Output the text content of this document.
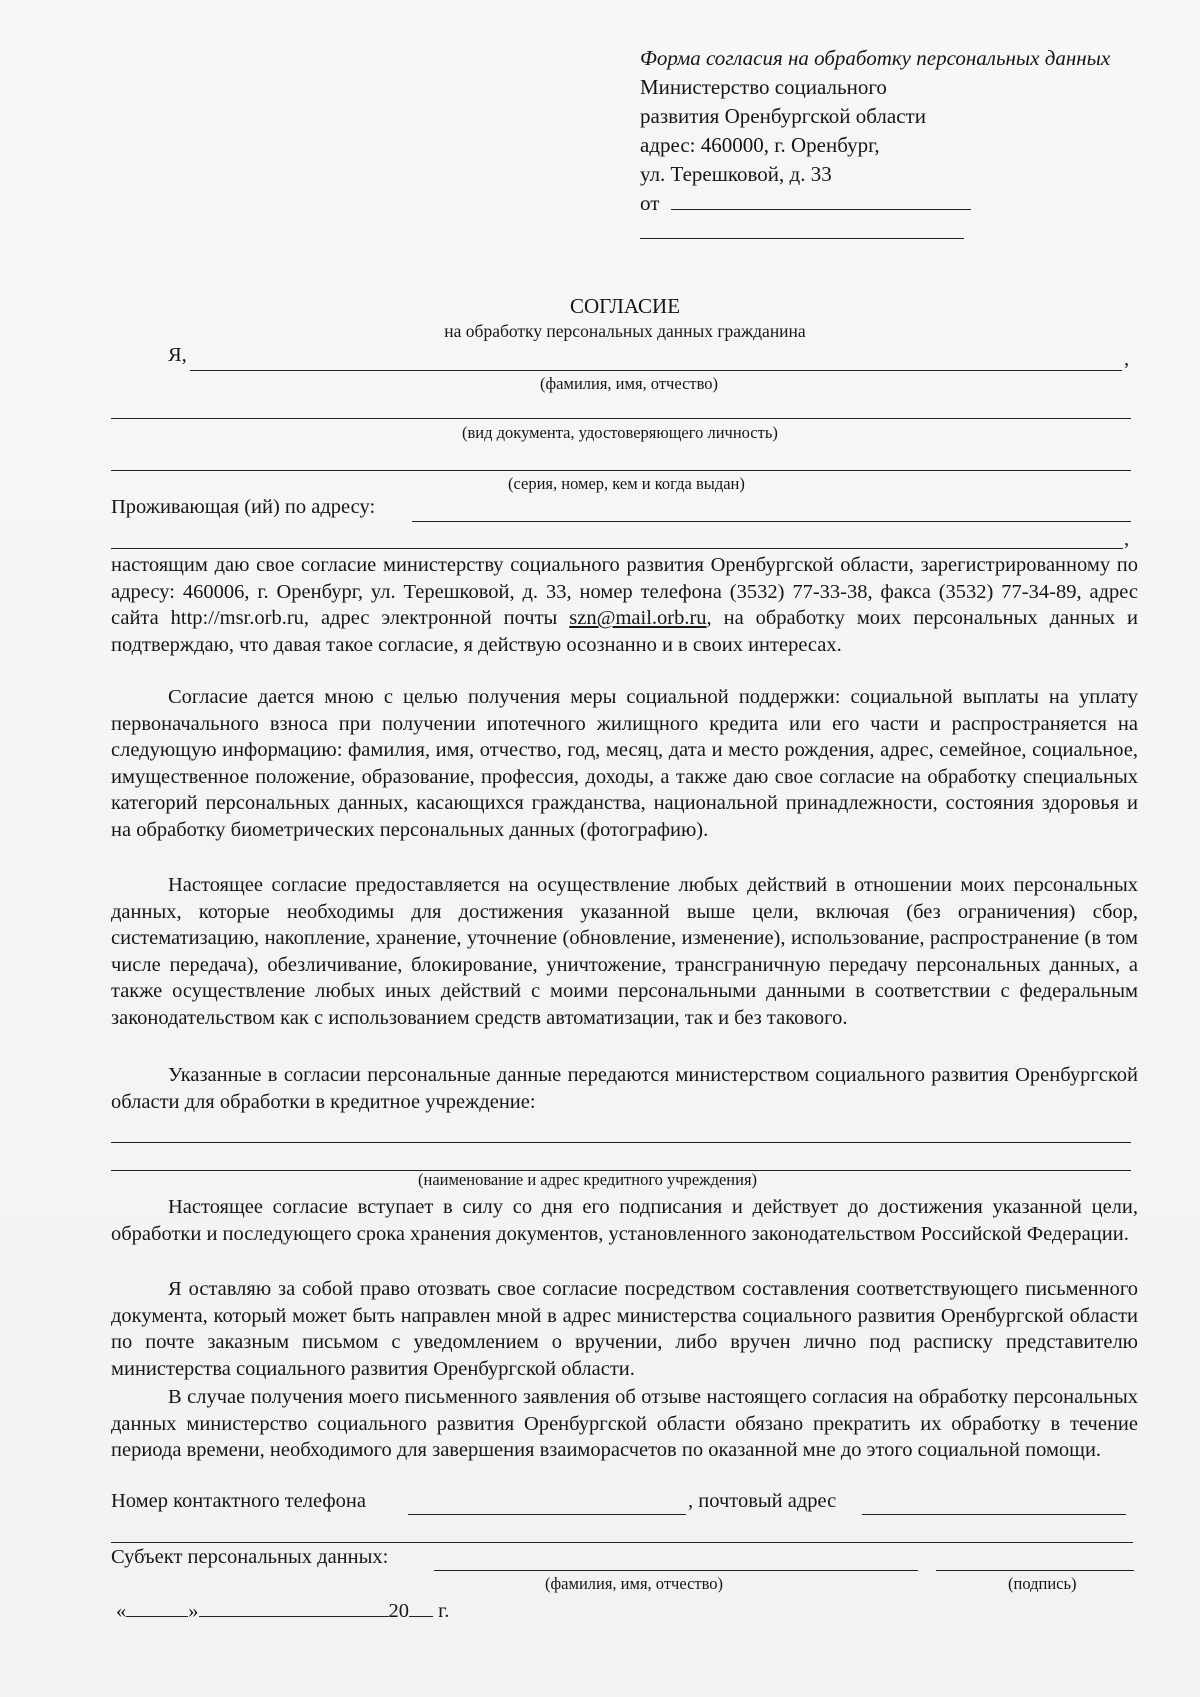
Форма согласия на обработку персональных данных
Министерство социального
развития Оренбургской области
адрес: 460000, г. Оренбург,
ул. Терешковой, д. 33
от
СОГЛАСИЕ
на обработку персональных данных гражданина
Я,	,
(фамилия, имя, отчество)
(вид документа, удостоверяющего личность)
(серия, номер, кем и когда выдан)
Проживающая (ий) по адресу:
,
настоящим даю свое согласие министерству социального развития Оренбургской области, зарегистрированному по адресу: 460006, г. Оренбург, ул. Терешковой, д. 33, номер телефона (3532) 77-33-38, факса (3532) 77-34-89, адрес сайта http://msr.orb.ru, адрес электронной почты szn@mail.orb.ru, на обработку моих персональных данных и подтверждаю, что давая такое согласие, я действую осознанно и в своих интересах.
Согласие дается мною с целью получения меры социальной поддержки: социальной выплаты на уплату первоначального взноса при получении ипотечного жилищного кредита или его части и распространяется на следующую информацию: фамилия, имя, отчество, год, месяц, дата и место рождения, адрес, семейное, социальное, имущественное положение, образование, профессия, доходы, а также даю свое согласие на обработку специальных категорий персональных данных, касающихся гражданства, национальной принадлежности, состояния здоровья и на обработку биометрических персональных данных (фотографию).
Настоящее согласие предоставляется на осуществление любых действий в отношении моих персональных данных, которые необходимы для достижения указанной выше цели, включая (без ограничения) сбор, систематизацию, накопление, хранение, уточнение (обновление, изменение), использование, распространение (в том числе передача), обезличивание, блокирование, уничтожение, трансграничную передачу персональных данных, а также осуществление любых иных действий с моими персональными данными в соответствии с федеральным законодательством как с использованием средств автоматизации, так и без такового.
Указанные в согласии персональные данные передаются министерством социального развития Оренбургской области для обработки в кредитное учреждение:
(наименование и адрес кредитного учреждения)
Настоящее согласие вступает в силу со дня его подписания и действует до достижения указанной цели, обработки и последующего срока хранения документов, установленного законодательством Российской Федерации.
Я оставляю за собой право отозвать свое согласие посредством составления соответствующего письменного документа, который может быть направлен мной в адрес министерства социального развития Оренбургской области по почте заказным письмом с уведомлением о вручении, либо вручен лично под расписку представителю министерства социального развития Оренбургской области.
В случае получения моего письменного заявления об отзыве настоящего согласия на обработку персональных данных министерство социального развития Оренбургской области обязано прекратить их обработку в течение периода времени, необходимого для завершения взаиморасчетов по оказанной мне до этого социальной помощи.
Номер контактного телефона	, почтовый адрес
Субъект персональных данных:
(фамилия, имя, отчество)	(подпись)
«	»	20 г.
